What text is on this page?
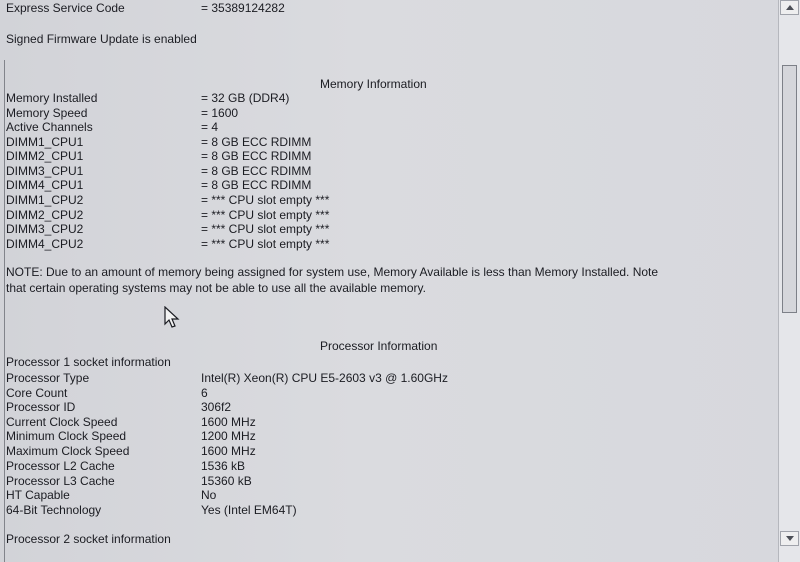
Express Service Code	= 35389124282
Signed Firmware Update is enabled
Memory Information
Memory Installed	= 32 GB (DDR4)
Memory Speed	= 1600
Active Channels	= 4
DIMM1_CPU1	= 8 GB ECC RDIMM
DIMM2_CPU1	= 8 GB ECC RDIMM
DIMM3_CPU1	= 8 GB ECC RDIMM
DIMM4_CPU1	= 8 GB ECC RDIMM
DIMM1_CPU2	= *** CPU slot empty ***
DIMM2_CPU2	= *** CPU slot empty ***
DIMM3_CPU2	= *** CPU slot empty ***
DIMM4_CPU2	= *** CPU slot empty ***
NOTE: Due to an amount of memory being assigned for system use, Memory Available is less than Memory Installed. Note that certain operating systems may not be able to use all the available memory.
Processor Information
Processor 1 socket information
Processor Type	Intel(R) Xeon(R) CPU E5-2603 v3 @ 1.60GHz
Core Count	6
Processor ID	306f2
Current Clock Speed	1600 MHz
Minimum Clock Speed	1200 MHz
Maximum Clock Speed	1600 MHz
Processor L2 Cache	1536 kB
Processor L3 Cache	15360 kB
HT Capable	No
64-Bit Technology	Yes (Intel EM64T)
Processor 2 socket information
